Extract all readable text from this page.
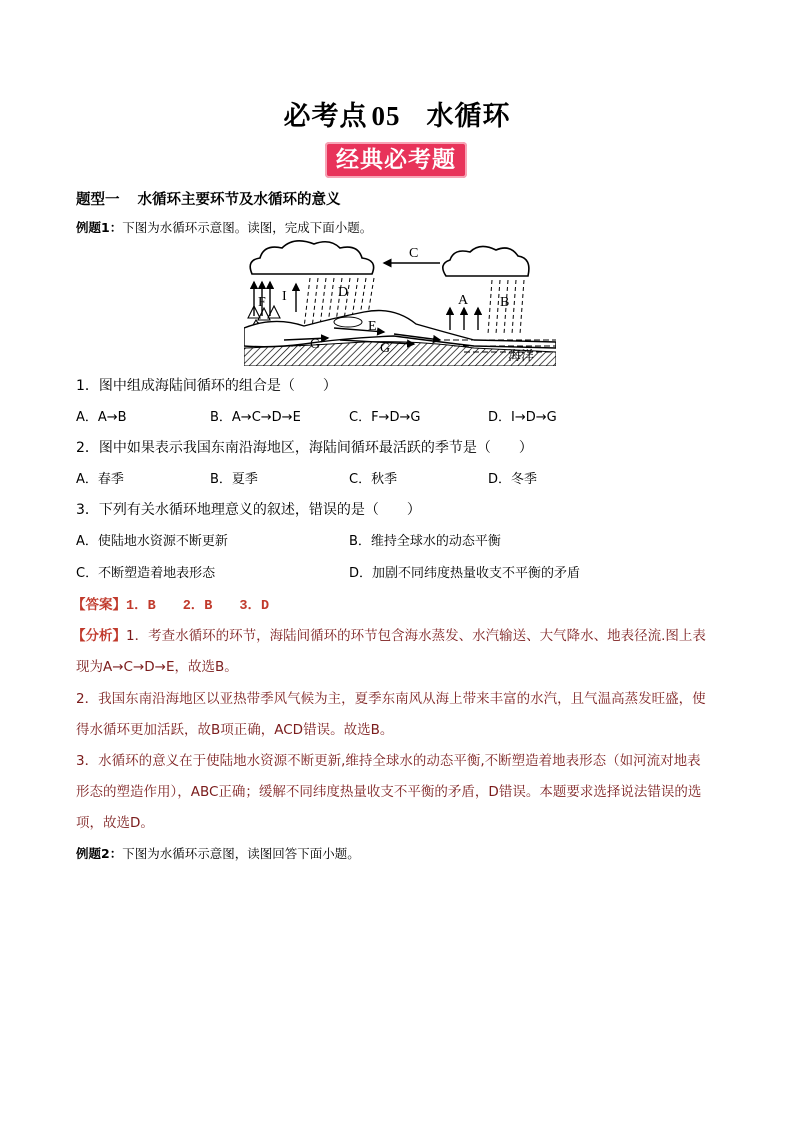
必考点 05 水循环
经典必考题
题型一 水循环主要环节及水循环的意义
例题1：下图为水循环示意图。读图，完成下面小题。
C
F I	D
A B
E
G	G
海洋
1．图中组成海陆间循环的组合是（　　）
A．A→B	B．A→C→D→E	C．F→D→G	D．I→D→G
2．图中如果表示我国东南沿海地区，海陆间循环最活跃的季节是（　　）
A．春季	B．夏季	C．秋季	D．冬季
3．下列有关水循环地理意义的叙述，错误的是（　　）
A．使陆地水资源不断更新	B．维持全球水的动态平衡
C．不断塑造着地表形态	D．加剧不同纬度热量收支不平衡的矛盾
【答案】1．B　　2．B　　3．D
【分析】1．考查水循环的环节，海陆间循环的环节包含海水蒸发、水汽输送、大气降水、地表径流.图上表
现为A→C→D→E，故选B。
2．我国东南沿海地区以亚热带季风气候为主，夏季东南风从海上带来丰富的水汽，且气温高蒸发旺盛，使
得水循环更加活跃，故B项正确，ACD错误。故选B。
3．水循环的意义在于使陆地水资源不断更新,维持全球水的动态平衡,不断塑造着地表形态（如河流对地表
形态的塑造作用），ABC正确；缓解不同纬度热量收支不平衡的矛盾，D错误。本题要求选择说法错误的选
项，故选D。
例题2：下图为水循环示意图，读图回答下面小题。
